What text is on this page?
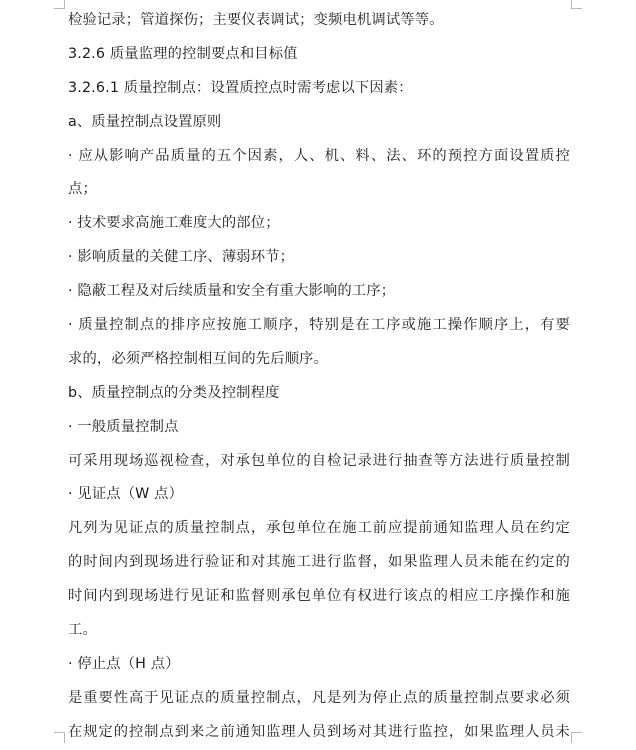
检验记录；管道探伤；主要仪表调试；变频电机调试等等。
3.2.6 质量监理的控制要点和目标值
3.2.6.1 质量控制点：设置质控点时需考虑以下因素：
a、质量控制点设置原则
· 应从影响产品质量的五个因素，人、机、料、法、环的预控方面设置质控
点；
· 技术要求高施工难度大的部位；
· 影响质量的关健工序、薄弱环节；
· 隐蔽工程及对后续质量和安全有重大影响的工序；
· 质量控制点的排序应按施工顺序，特别是在工序或施工操作顺序上，有要
求的，必须严格控制相互间的先后顺序。
b、质量控制点的分类及控制程度
· 一般质量控制点
可采用现场巡视检查，对承包单位的自检记录进行抽查等方法进行质量控制
· 见证点（W 点）
凡列为见证点的质量控制点，承包单位在施工前应提前通知监理人员在约定
的时间内到现场进行验证和对其施工进行监督，如果监理人员未能在约定的
时间内到现场进行见证和监督则承包单位有权进行该点的相应工序操作和施
工。
· 停止点（H 点）
是重要性高于见证点的质量控制点，凡是列为停止点的质量控制点要求必须
在规定的控制点到来之前通知监理人员到场对其进行监控，如果监理人员未
